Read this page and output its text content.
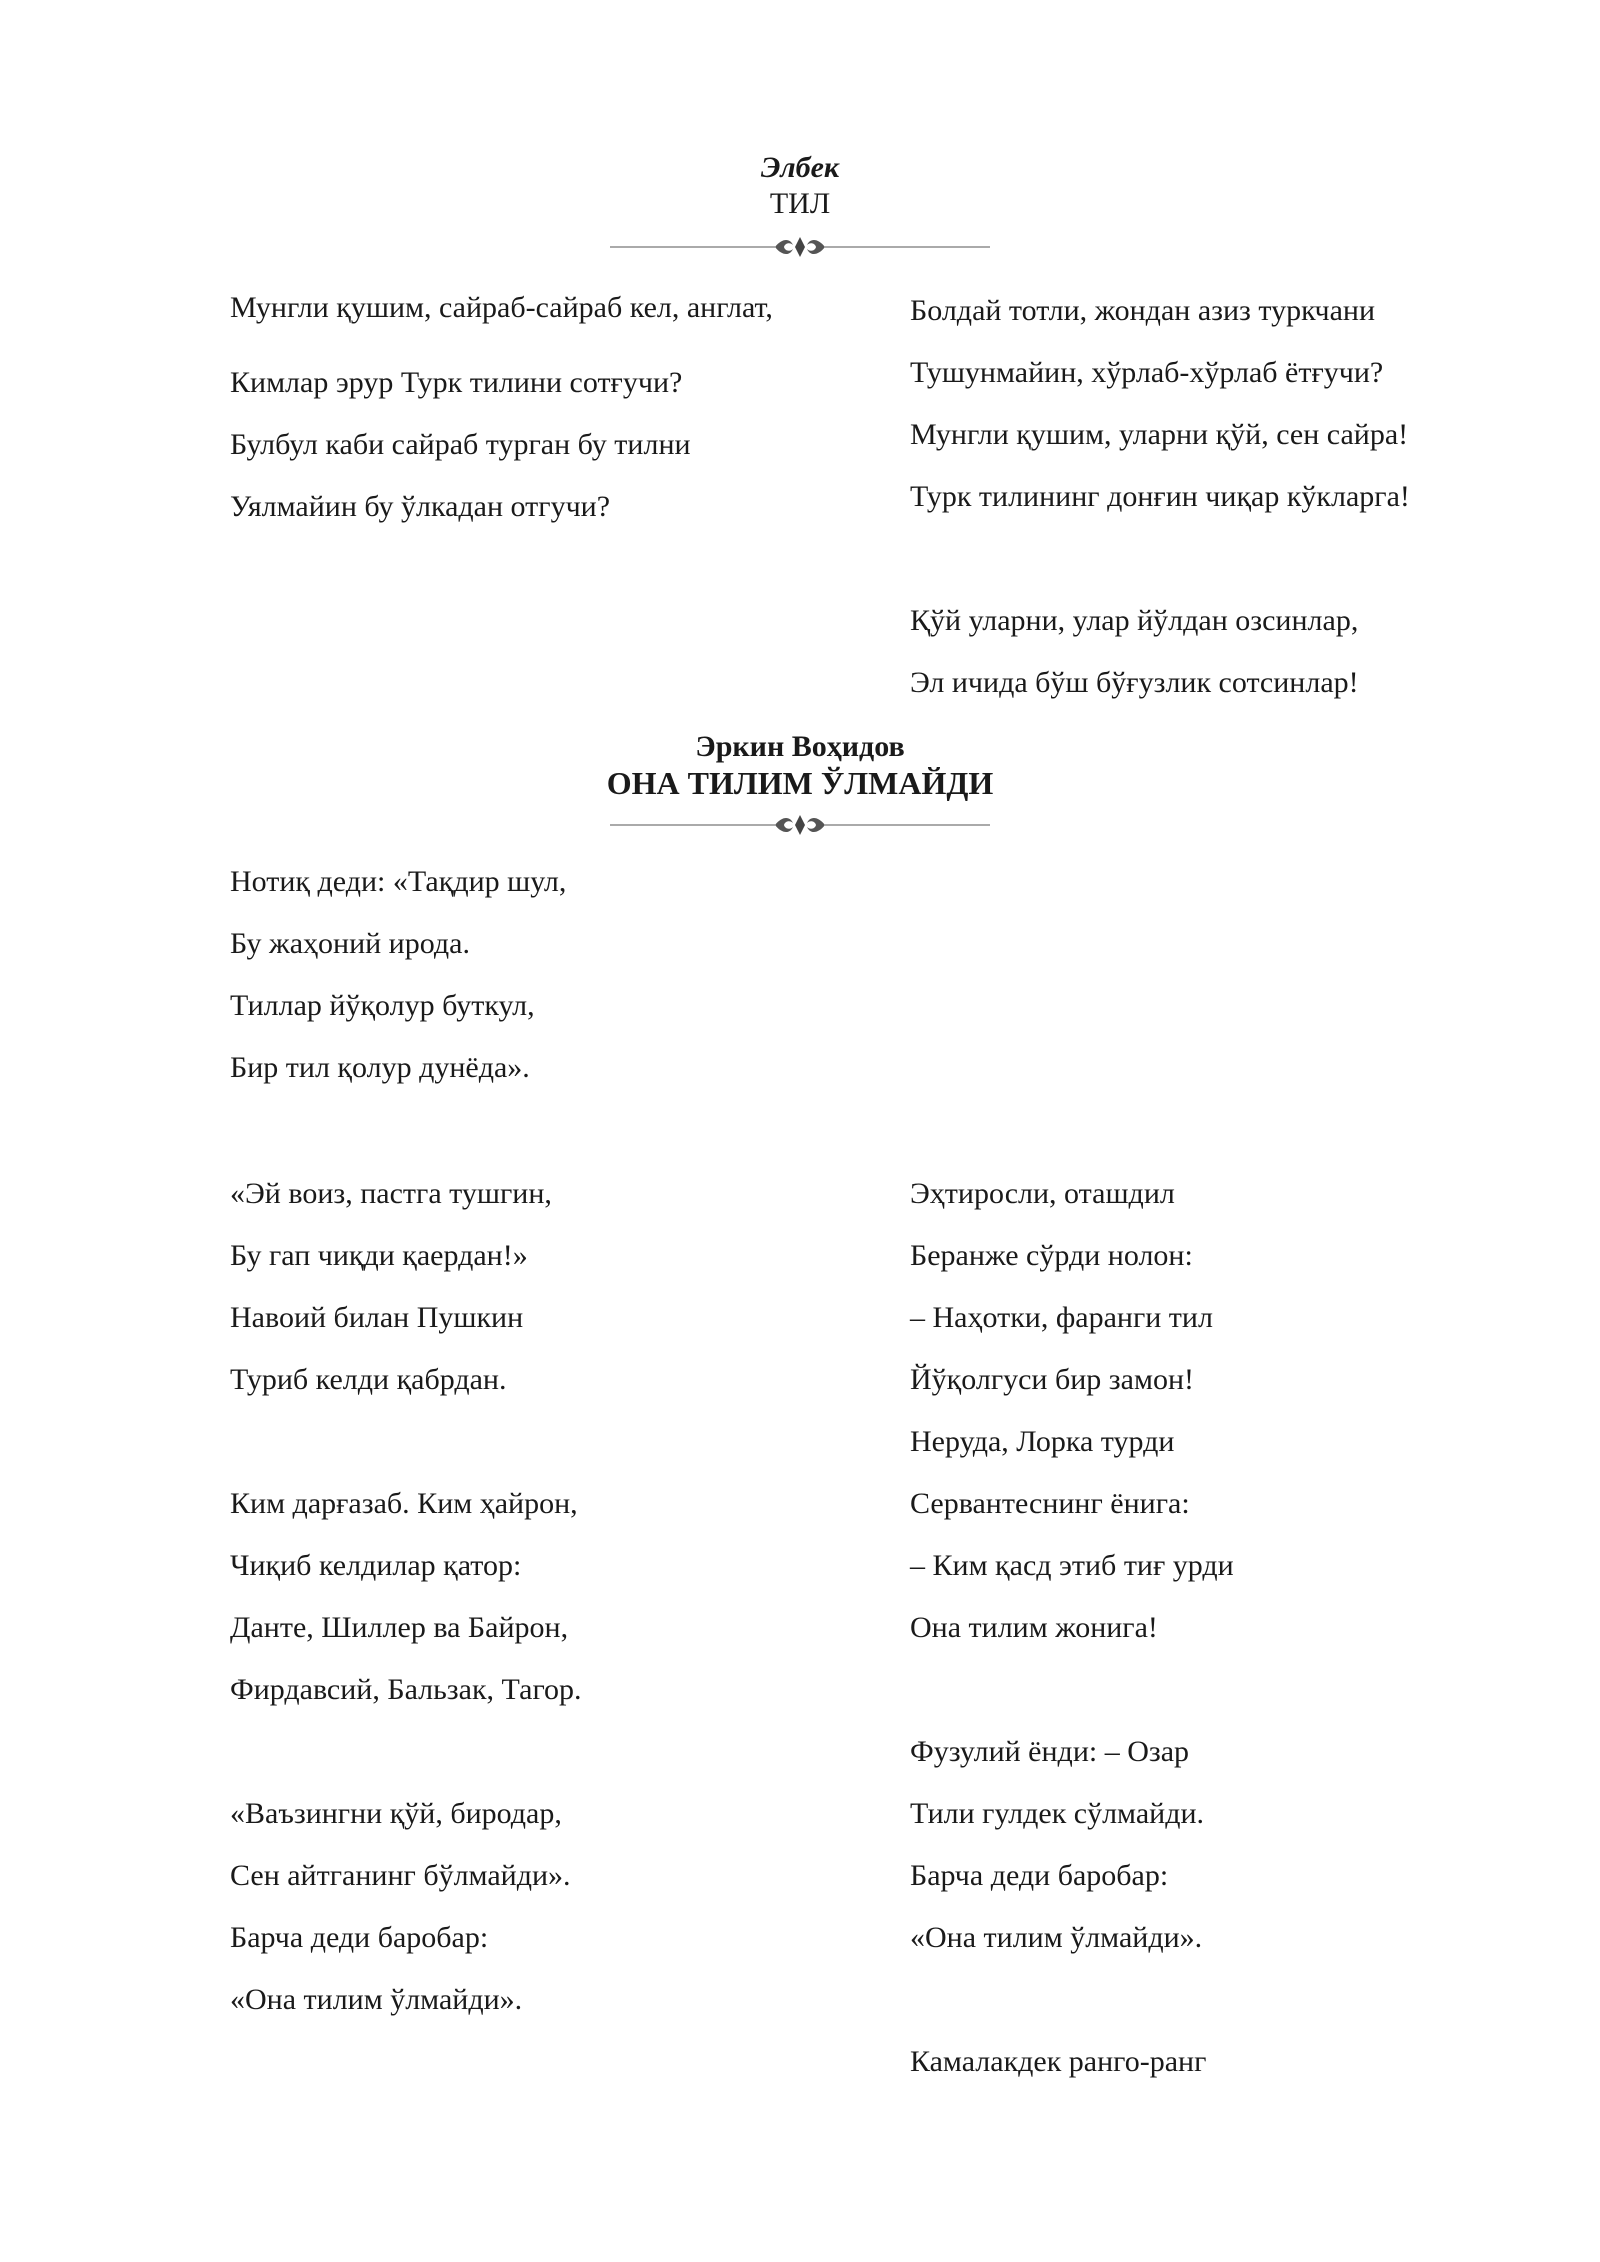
Элбек
ТИЛ
Мунгли қушим, сайраб-сайраб кел, англат,
Кимлар эрур Турк тилини сотғучи?
Булбул каби сайраб турган бу тилни
Уялмайин бу ўлкадан отгучи?
Болдай тотли, жондан азиз туркчани
Тушунмайин, хўрлаб-хўрлаб ётғучи?
Мунгли қушим, уларни қўй, сен сайра!
Турк тилининг донғин чиқар кўкларга!
Қўй уларни, улар йўлдан озсинлар,
Эл ичида бўш бўғузлик сотсинлар!
Эркин Воҳидов
ОНА ТИЛИМ ЎЛМАЙДИ
Нотиқ деди: «Тақдир шул,
Бу жаҳоний ирода.
Тиллар йўқолур буткул,
Бир тил қолур дунёда».
«Эй воиз, пастга тушгин,
Бу гап чиқди қаердан!»
Навоий билан Пушкин
Туриб келди қабрдан.
Ким дарғазаб. Ким ҳайрон,
Чиқиб келдилар қатор:
Данте, Шиллер ва Байрон,
Фирдавсий, Бальзак, Тагор.
«Ваъзингни қўй, биродар,
Сен айтганинг бўлмайди».
Барча деди баробар:
«Она тилим ўлмайди».
Эҳтиросли, оташдил
Беранже сўрди нолон:
– Наҳотки, фаранги тил
Йўқолгуси бир замон!
Неруда, Лорка турди
Сервантеснинг ёнига:
– Ким қасд этиб тиғ урди
Она тилим жонига!
Фузулий ёнди: – Озар
Тили гулдек сўлмайди.
Барча деди баробар:
«Она тилим ўлмайди».
Камалакдек ранго-ранг
